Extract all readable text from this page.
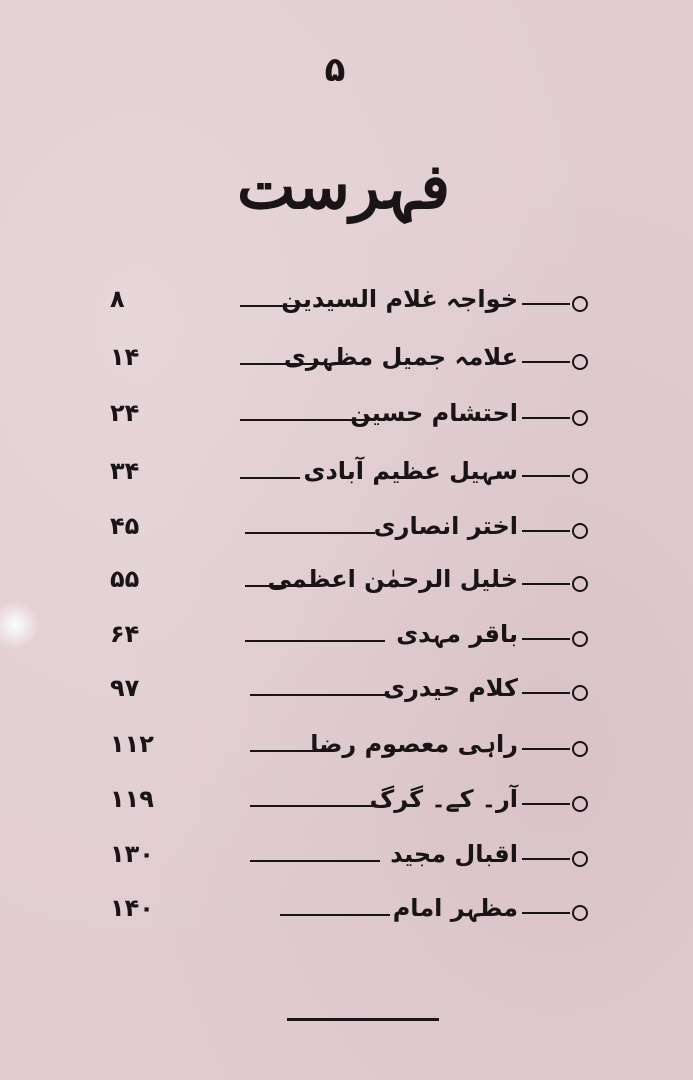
۵
فہرست
خواجہ غلام السیدین
۸
علامہ جمیل مظہری
۱۴
احتشام حسین
۲۴
سہیل عظیم آبادی
۳۴
اختر انصاری
۴۵
خلیل الرحمٰن اعظمی
۵۵
باقر مہدی
۶۴
کلام حیدری
۹۷
راہی معصوم رضا
۱۱۲
آر۔ کے۔ گرگ
۱۱۹
اقبال مجید
۱۳۰
مظہر امام
۱۴۰
